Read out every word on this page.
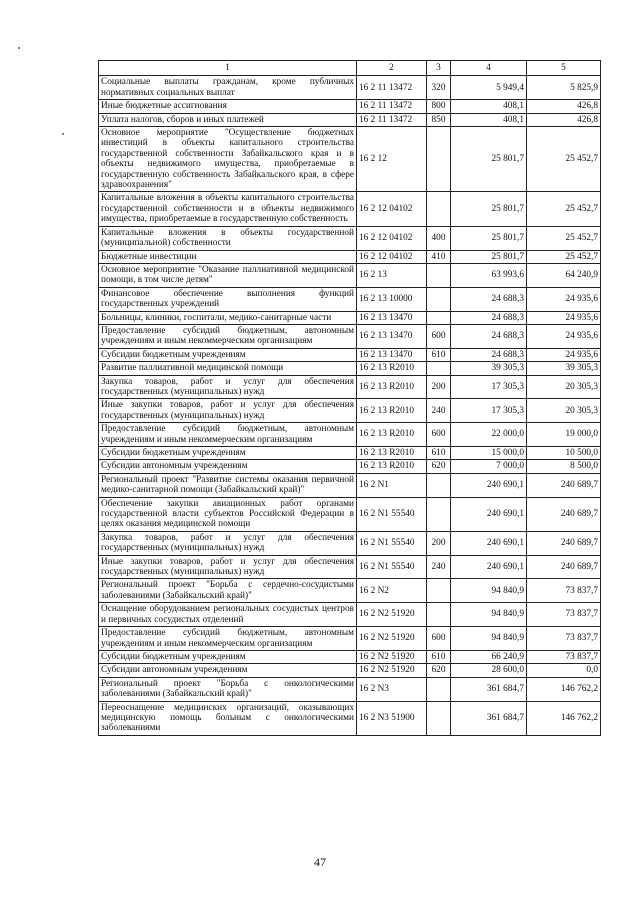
1	2	3	4	5
Социальные выплаты гражданам, кроме публичных нормативных социальных выплат	16 2 11 13472	320	5 949,4	5 825,9
Иные бюджетные ассигнования	16 2 11 13472	800	408,1	426,8
Уплата налогов, сборов и иных платежей	16 2 11 13472	850	408,1	426,8
Основное мероприятие "Осуществление бюджетных инвестиций в объекты капитального строительства государственной собственности Забайкальского края и в объекты недвижимого имущества, приобретаемые в государственную собственность Забайкальского края, в сфере здравоохранения"	16 2 12		25 801,7	25 452,7
Капитальные вложения в объекты капитального строительства государственной собственности и в объекты недвижимого имущества, приобретаемые в государственную собственность	16 2 12 04102		25 801,7	25 452,7
Капитальные вложения в объекты государственной (муниципальной) собственности	16 2 12 04102	400	25 801,7	25 452,7
Бюджетные инвестиции	16 2 12 04102	410	25 801,7	25 452,7
Основное мероприятие "Оказание паллиативной медицинской помощи, в том числе детям"	16 2 13		63 993,6	64 240,9
Финансовое обеспечение выполнения функций государственных учреждений	16 2 13 10000		24 688,3	24 935,6
Больницы, клиники, госпитали, медико-санитарные части	16 2 13 13470		24 688,3	24 935,6
Предоставление субсидий бюджетным, автономным учреждениям и иным некоммерческим организациям	16 2 13 13470	600	24 688,3	24 935,6
Субсидии бюджетным учреждениям	16 2 13 13470	610	24 688,3	24 935,6
Развитие паллиативной медицинской помощи	16 2 13 R2010		39 305,3	39 305,3
Закупка товаров, работ и услуг для обеспечения государственных (муниципальных) нужд	16 2 13 R2010	200	17 305,3	20 305,3
Иные закупки товаров, работ и услуг для обеспечения государственных (муниципальных) нужд	16 2 13 R2010	240	17 305,3	20 305,3
Предоставление субсидий бюджетным, автономным учреждениям и иным некоммерческим организациям	16 2 13 R2010	600	22 000,0	19 000,0
Субсидии бюджетным учреждениям	16 2 13 R2010	610	15 000,0	10 500,0
Субсидии автономным учреждениям	16 2 13 R2010	620	7 000,0	8 500,0
Региональный проект "Развитие системы оказания первичной медико-санитарной помощи (Забайкальский край)"	16 2 N1		240 690,1	240 689,7
Обеспечение закупки авиационных работ органами государственной власти субъектов Российской Федерации в целях оказания медицинской помощи	16 2 N1 55540		240 690,1	240 689,7
Закупка товаров, работ и услуг для обеспечения государственных (муниципальных) нужд	16 2 N1 55540	200	240 690,1	240 689,7
Иные закупки товаров, работ и услуг для обеспечения государственных (муниципальных) нужд	16 2 N1 55540	240	240 690,1	240 689,7
Региональный проект "Борьба с сердечно-сосудистыми заболеваниями (Забайкальский край)"	16 2 N2		94 840,9	73 837,7
Оснащение оборудованием региональных сосудистых центров и первичных сосудистых отделений	16 2 N2 51920		94 840,9	73 837,7
Предоставление субсидий бюджетным, автономным учреждениям и иным некоммерческим организациям	16 2 N2 51920	600	94 840,9	73 837,7
Субсидии бюджетным учреждениям	16 2 N2 51920	610	66 240,9	73 837,7
Субсидии автономным учреждениям	16 2 N2 51920	620	28 600,0	0,0
Региональный проект "Борьба с онкологическими заболеваниями (Забайкальский край)"	16 2 N3		361 684,7	146 762,2
Переоснащение медицинских организаций, оказывающих медицинскую помощь больным с онкологическими заболеваниями	16 2 N3 51900		361 684,7	146 762,2
47
